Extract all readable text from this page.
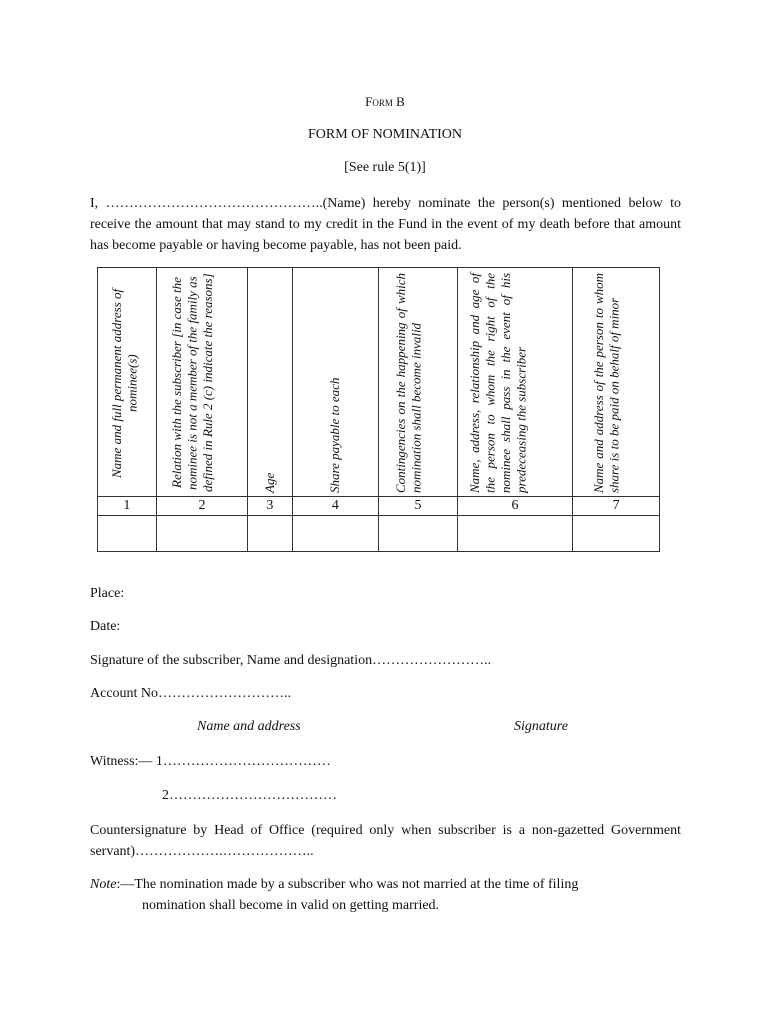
Form B
FORM OF NOMINATION
[See rule 5(1)]
I, ………………………………………..(Name) hereby nominate the person(s) mentioned below to receive the amount that may stand to my credit in the Fund in the event of my death before that amount has become payable or having become payable, has not been paid.
Name and full permanent address of nominee(s)	Relation with the subscriber [in case the nominee is not a member of the family as defined in Rule 2 (c) indicate the reasons]	Age	Share payable to each	Contingencies on the happening of which nomination shall become invalid	Name, address, relationship and age of the person to whom the right of the nominee shall pass in the event of his predeceasing the subscriber	Name and address of the person to whom share is to be paid on behalf of minor

1	2	3	4	5	6	7

Place:
Date:
Signature of the subscriber, Name and designation……………………..
Account No………………………..
Name and address	Signature
Witness:— 1………………………………
2………………………………
Countersignature by Head of Office (required only when subscriber is a non-gazetted Government servant)……………….………………..
Note:—The nomination made by a subscriber who was not married at the time of filing
nomination shall become in valid on getting married.
